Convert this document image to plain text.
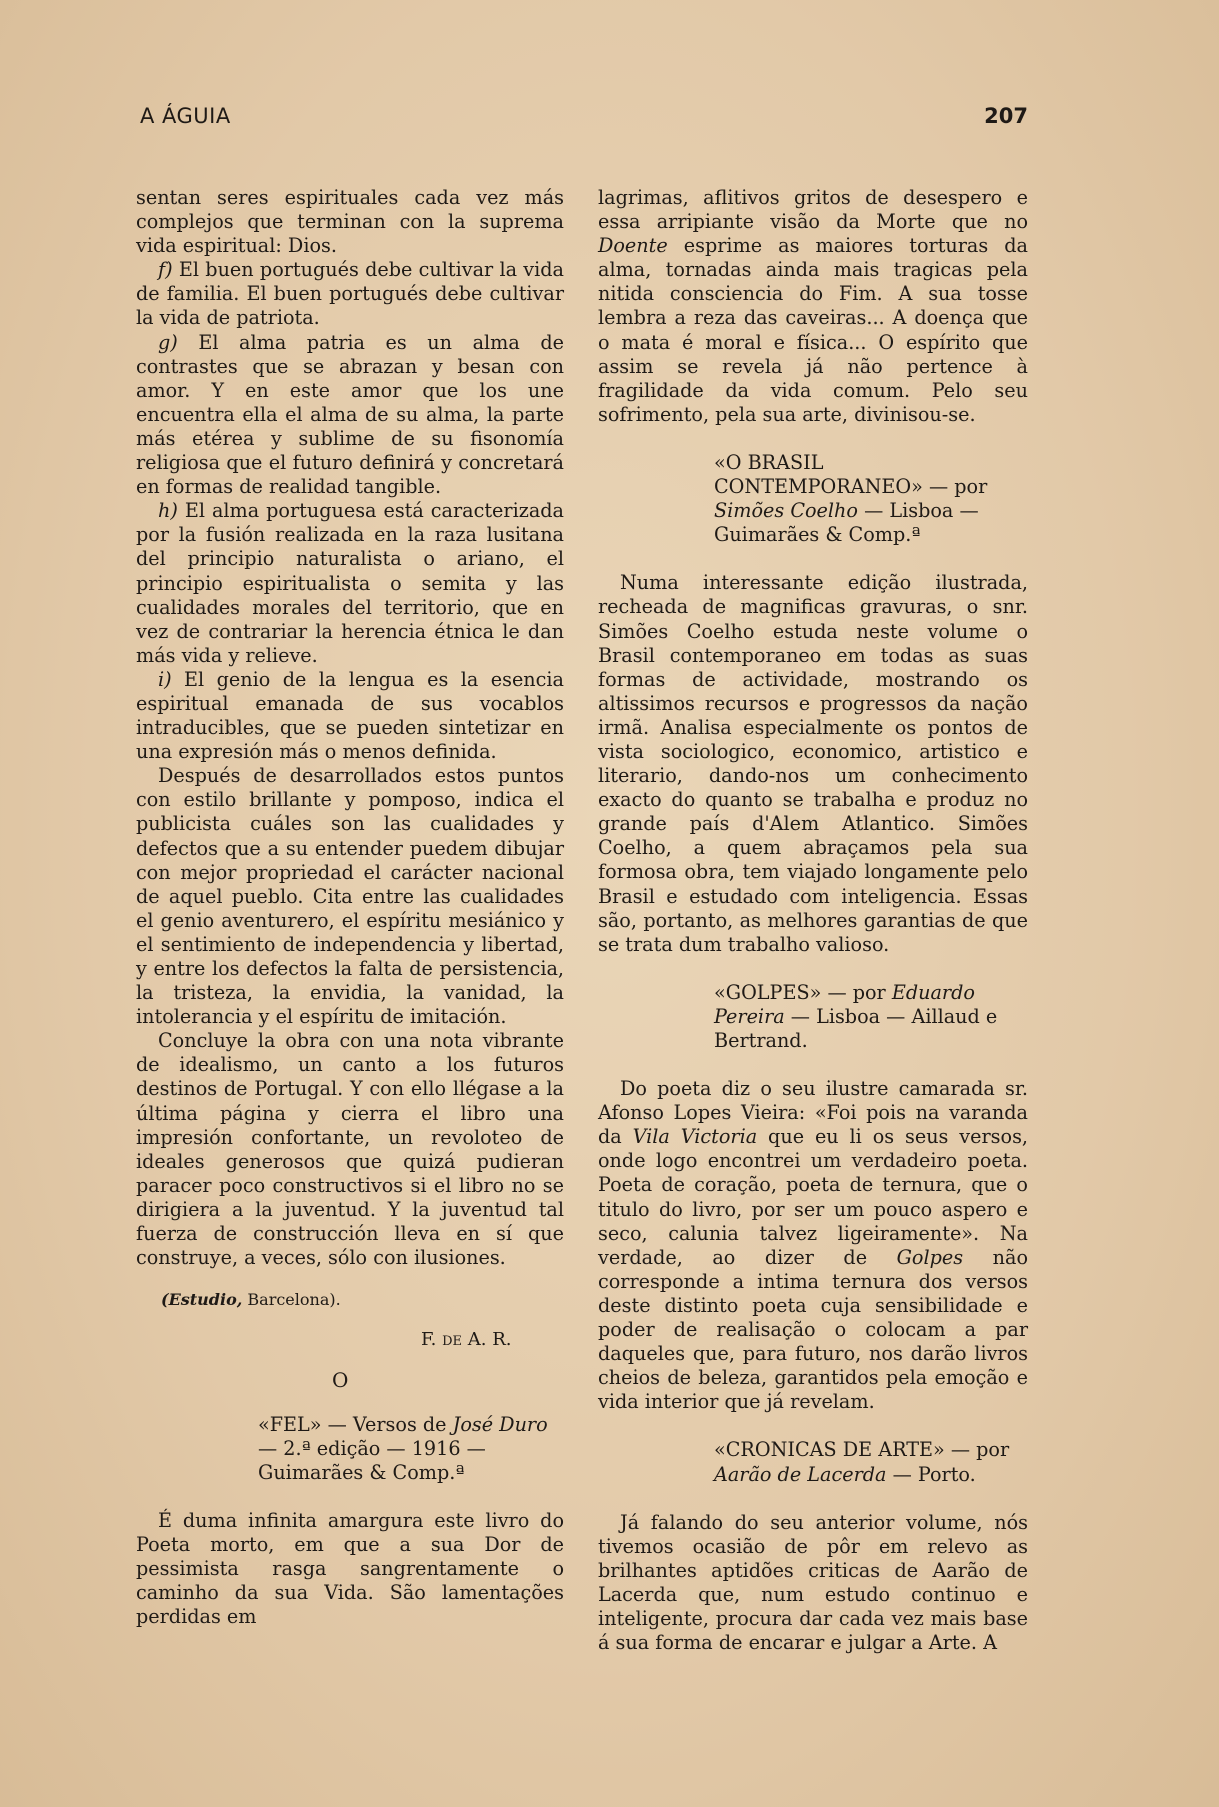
A ÁGUIA	207

sentan seres espirituales cada vez más complejos que terminan con la suprema vida espiritual: Dios.

f) El buen portugués debe cultivar la vida de familia. El buen portugués debe cultivar la vida de patriota.

g) El alma patria es un alma de contrastes que se abrazan y besan con amor. Y en este amor que los une encuentra ella el alma de su alma, la parte más etérea y sublime de su fisonomía religiosa que el futuro definirá y concretará en formas de realidad tangible.

h) El alma portuguesa está caracterizada por la fusión realizada en la raza lusitana del principio naturalista o ariano, el principio espiritualista o semita y las cualidades morales del territorio, que en vez de contrariar la herencia étnica le dan más vida y relieve.

i) El genio de la lengua es la esencia espiritual emanada de sus vocablos intraducibles, que se pueden sintetizar en una expresión más o menos definida.

Después de desarrollados estos puntos con estilo brillante y pomposo, indica el publicista cuáles son las cualidades y defectos que a su entender puedem dibujar con mejor propriedad el carácter nacional de aquel pueblo. Cita entre las cualidades el genio aventurero, el espíritu mesiánico y el sentimiento de independencia y libertad, y entre los defectos la falta de persistencia, la tristeza, la envidia, la vanidad, la intolerancia y el espíritu de imitación.

Concluye la obra con una nota vibrante de idealismo, un canto a los futuros destinos de Portugal. Y con ello llégase a la última página y cierra el libro una impresión confortante, un revoloteo de ideales generosos que quizá pudieran paracer poco constructivos si el libro no se dirigiera a la juventud. Y la juventud tal fuerza de construcción lleva en sí que construye, a veces, sólo con ilusiones.

(Estudio, Barcelona).

F. de A. R.

O

«FEL» — Versos de José Duro — 2.ª edição — 1916 — Guimarães & Comp.ª

É duma infinita amargura este livro do Poeta morto, em que a sua Dor de pessimista rasga sangrentamente o caminho da sua Vida. São lamentações perdidas em

lagrimas, aflitivos gritos de desespero e essa arripiante visão da Morte que no Doente esprime as maiores torturas da alma, tornadas ainda mais tragicas pela nitida consciencia do Fim. A sua tosse lembra a reza das caveiras... A doença que o mata é moral e física... O espírito que assim se revela já não pertence à fragilidade da vida comum. Pelo seu sofrimento, pela sua arte, divinisou-se.

«O BRASIL CONTEMPORANEO» — por Simões Coelho — Lisboa — Guimarães & Comp.ª

Numa interessante edição ilustrada, recheada de magnificas gravuras, o snr. Simões Coelho estuda neste volume o Brasil contemporaneo em todas as suas formas de actividade, mostrando os altissimos recursos e progressos da nação irmã. Analisa especialmente os pontos de vista sociologico, economico, artistico e literario, dando-nos um conhecimento exacto do quanto se trabalha e produz no grande país d'Alem Atlantico. Simões Coelho, a quem abraçamos pela sua formosa obra, tem viajado longamente pelo Brasil e estudado com inteligencia. Essas são, portanto, as melhores garantias de que se trata dum trabalho valioso.

«GOLPES» — por Eduardo Pereira — Lisboa — Aillaud e Bertrand.

Do poeta diz o seu ilustre camarada sr. Afonso Lopes Vieira: «Foi pois na varanda da Vila Victoria que eu li os seus versos, onde logo encontrei um verdadeiro poeta. Poeta de coração, poeta de ternura, que o titulo do livro, por ser um pouco aspero e seco, calunia talvez ligeiramente». Na verdade, ao dizer de Golpes não corresponde a intima ternura dos versos deste distinto poeta cuja sensibilidade e poder de realisação o colocam a par daqueles que, para futuro, nos darão livros cheios de beleza, garantidos pela emoção e vida interior que já revelam.

«CRONICAS DE ARTE» — por Aarão de Lacerda — Porto.

Já falando do seu anterior volume, nós tivemos ocasião de pôr em relevo as brilhantes aptidões criticas de Aarão de Lacerda que, num estudo continuo e inteligente, procura dar cada vez mais base á sua forma de encarar e julgar a Arte. A
